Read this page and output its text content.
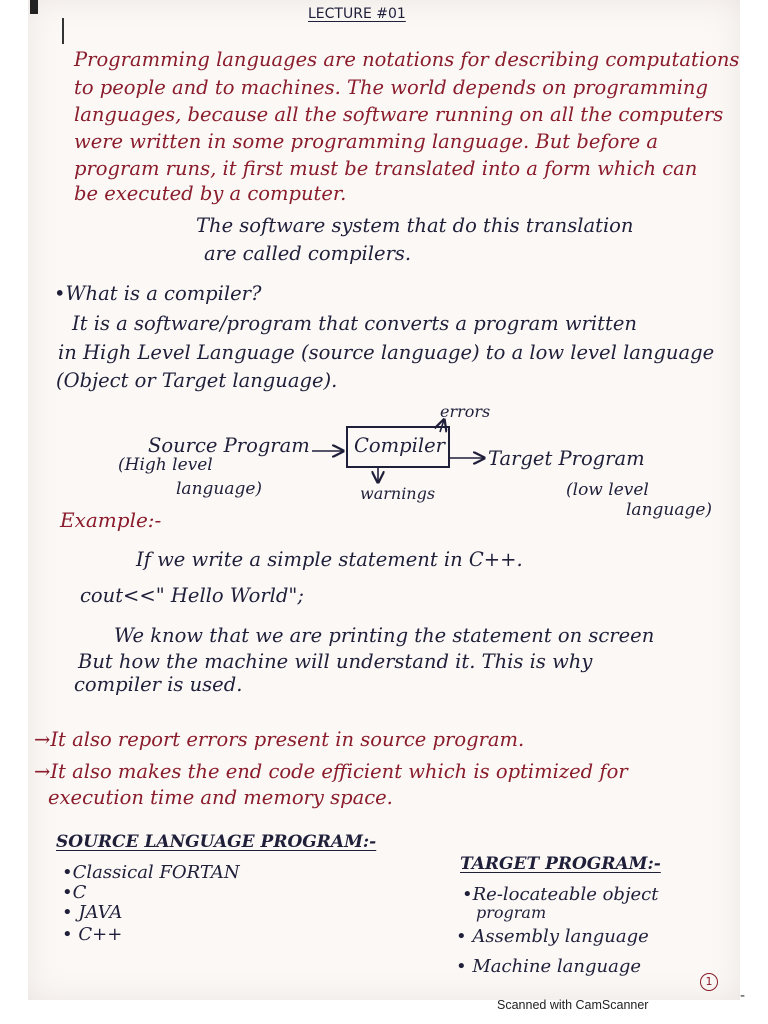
LECTURE #01
Programming languages are notations for describing computations
to people and to machines. The world depends on programming
languages, because all the software running on all the computers
were written in some programming language. But before a
program runs, it first must be translated into a form which can
be executed by a computer.
The software system that do this translation
are called compilers.
•What is a compiler?
It is a software/program that converts a program written
in High Level Language (source language) to a low level language
(Object or Target language).
errors
Source Program
(High level
language)
Compiler
warnings
Target Program
(low level
language)
Example:-
If we write a simple statement in C++.
cout<<" Hello World";
We know that we are printing the statement on screen
But how the machine will understand it. This is why
compiler is used.
→It also report errors present in source program.
→It also makes the end code efficient which is optimized for
execution time and memory space.
SOURCE LANGUAGE PROGRAM:-
•Classical FORTAN
•C
• JAVA
• C++
TARGET PROGRAM:-
•Re-locateable object
program
• Assembly language
• Machine language
1
-
Scanned with CamScanner
